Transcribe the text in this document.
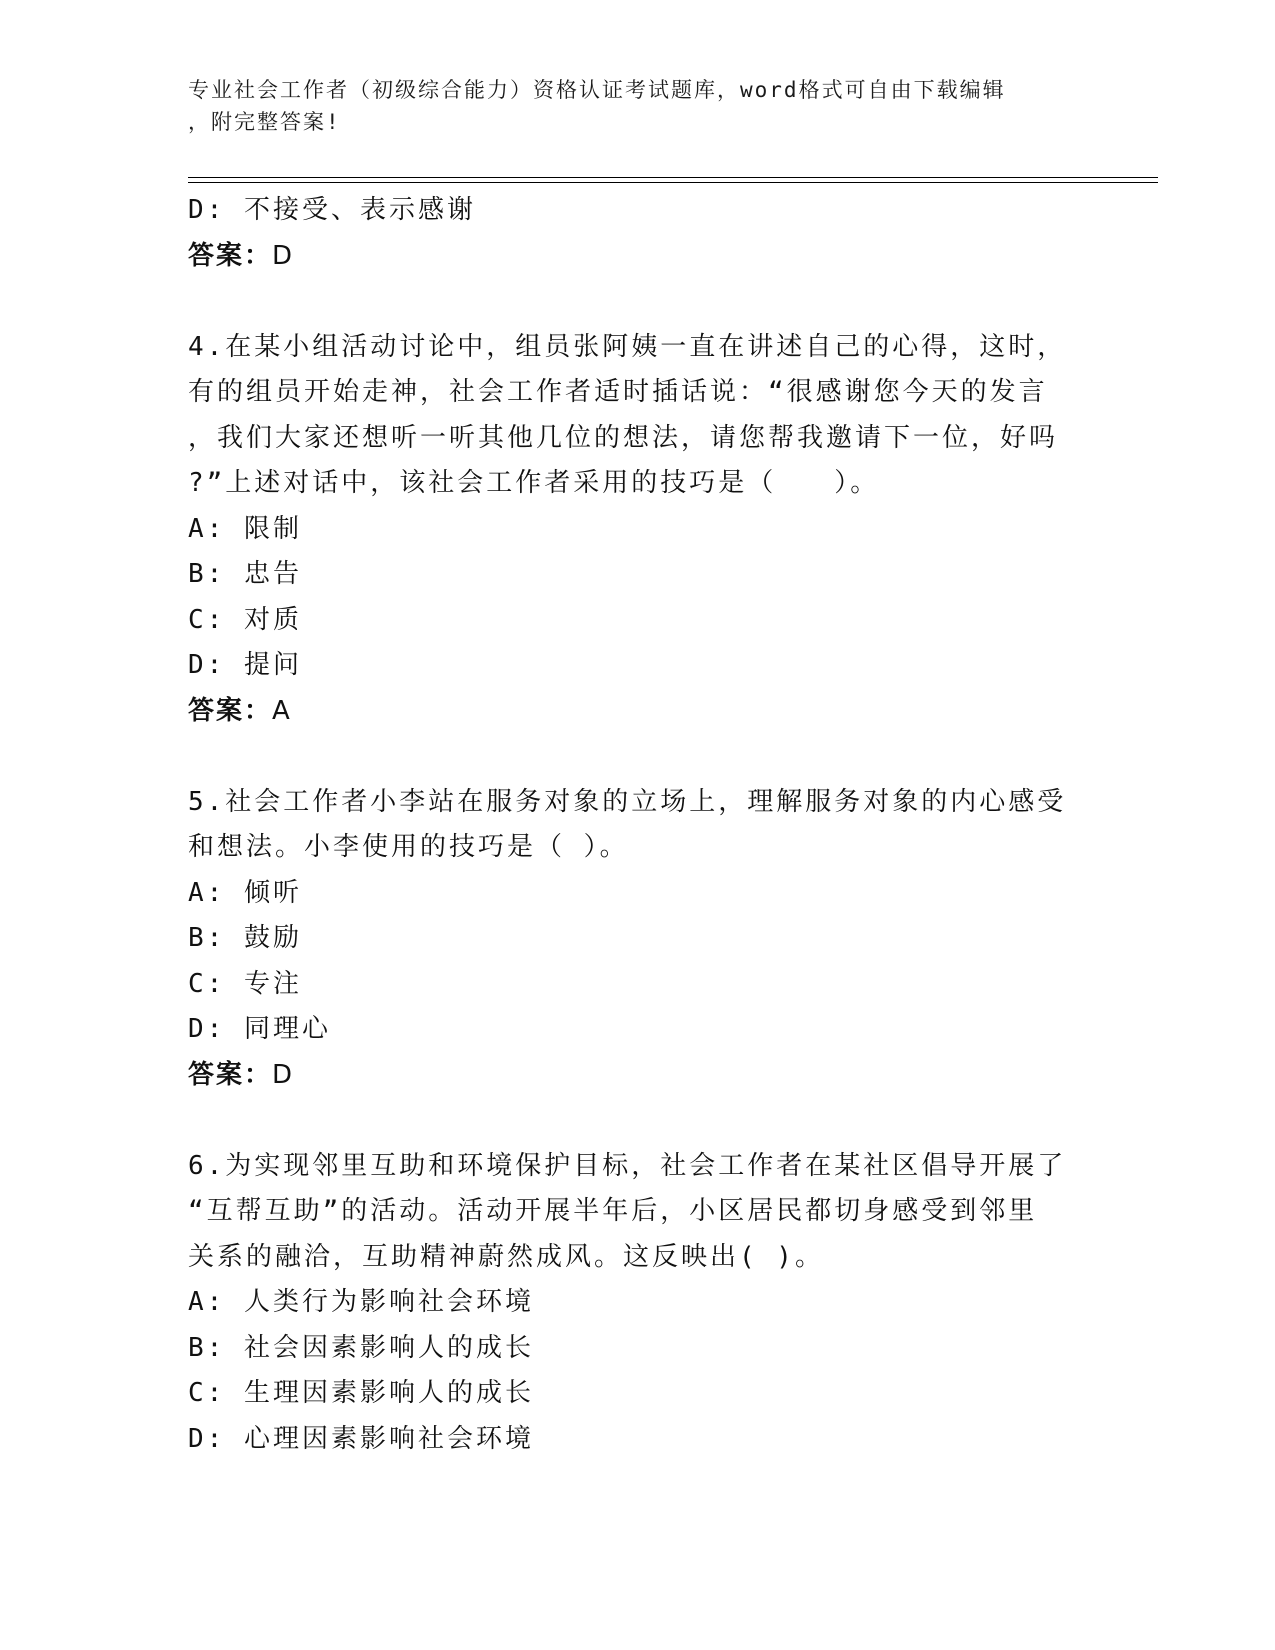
专业社会工作者（初级综合能力）资格认证考试题库，word格式可自由下载编辑
，附完整答案!

D: 不接受、表示感谢

答案：D

4.在某小组活动讨论中，组员张阿姨一直在讲述自己的心得，这时，

有的组员开始走神，社会工作者适时插话说：“很感谢您今天的发言

，我们大家还想听一听其他几位的想法，请您帮我邀请下一位，好吗

?”上述对话中，该社会工作者采用的技巧是（　　）。

A: 限制

B: 忠告

C: 对质

D: 提问

答案：A

5.社会工作者小李站在服务对象的立场上，理解服务对象的内心感受

和想法。小李使用的技巧是（ ）。

A: 倾听

B: 鼓励

C: 专注

D: 同理心

答案：D

6.为实现邻里互助和环境保护目标，社会工作者在某社区倡导开展了

“互帮互助”的活动。活动开展半年后，小区居民都切身感受到邻里

关系的融洽，互助精神蔚然成风。这反映出( )。

A: 人类行为影响社会环境

B: 社会因素影响人的成长

C: 生理因素影响人的成长

D: 心理因素影响社会环境
